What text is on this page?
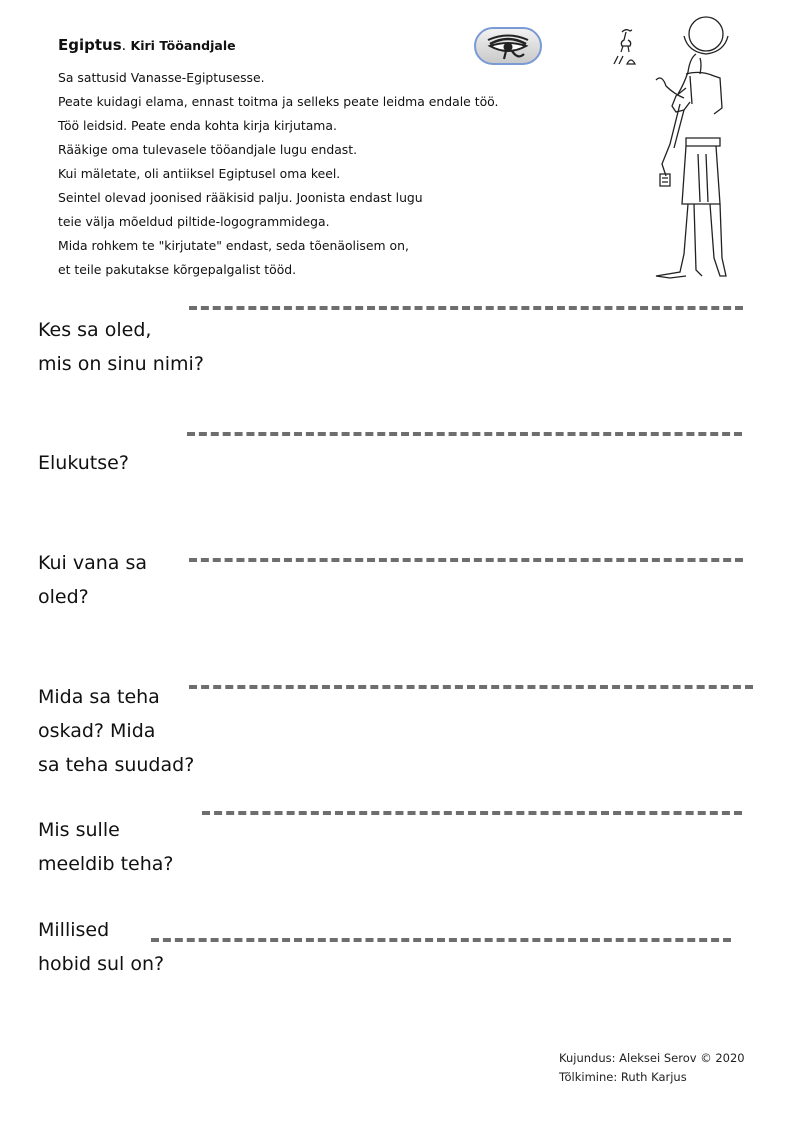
Egiptus. Kiri Tööandjale
Sa sattusid Vanasse-Egiptusesse.
Peate kuidagi elama, ennast toitma ja selleks peate leidma endale töö.
Töö leidsid. Peate enda kohta kirja kirjutama.
Rääkige oma tulevasele tööandjale lugu endast.
Kui mäletate, oli antiiksel Egiptusel oma keel.
Seintel olevad joonised rääkisid palju. Joonista endast lugu
teie välja mõeldud piltide-logogrammidega.
Mida rohkem te "kirjutate" endast, seda tõenäolisem on,
et teile pakutakse kõrgepalgalist tööd.
Kes sa oled,
mis on sinu nimi?
Elukutse?
Kui vana sa
oled?
Mida sa teha
oskad? Mida
sa teha suudad?
Mis sulle
meeldib teha?
Millised
hobid sul on?
Kujundus: Aleksei Serov © 2020
Tõlkimine: Ruth Karjus
